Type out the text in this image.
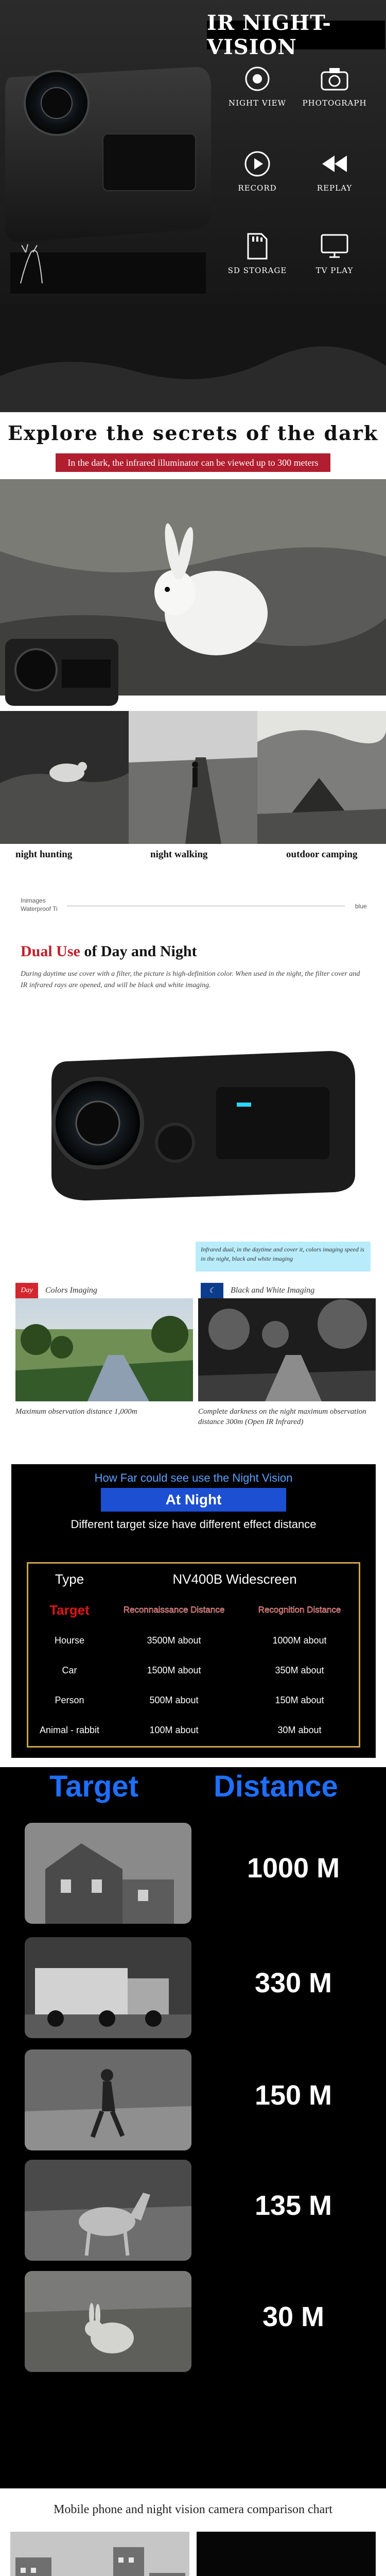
IR NIGHT-VISION
NIGHT VIEW	PHOTOGRAPH
RECORD	REPLAY
SD STORAGE	TV PLAY
Explore the secrets of the dark
In the dark, the infrared illuminator can be viewed up to 300 meters
night hunting	night walking	outdoor camping
Inimages
Waterproof Ti	blue
Dual Use of Day and Night
During daytime use cover with a filter, the picture is high-definition color. When used in the night, the filter cover and IR infrared rays are opened, and will be black and white imaging.
Infrared dual, in the daytime and cover it, colors imaging speed is in the night, black and white imaging
Day	Colors Imaging	☾	Black and White Imaging
Maximum observation distance 1,000m	Complete darkness on the night maximum observation distance 300m (Open IR Infrared)
How Far could see use the Night Vision
At Night
Different target size have different effect distance
Type	NV400B Widescreen
Target	Reconnaissance Distance	Recognition Distance
Hourse	3500M about	1000M about
Car	1500M about	350M about
Person	500M about	150M about
Animal - rabbit	100M about	30M about
Target	Distance
1000 M
330 M
150 M
135 M
30 M
Mobile phone and night vision camera comparison chart
